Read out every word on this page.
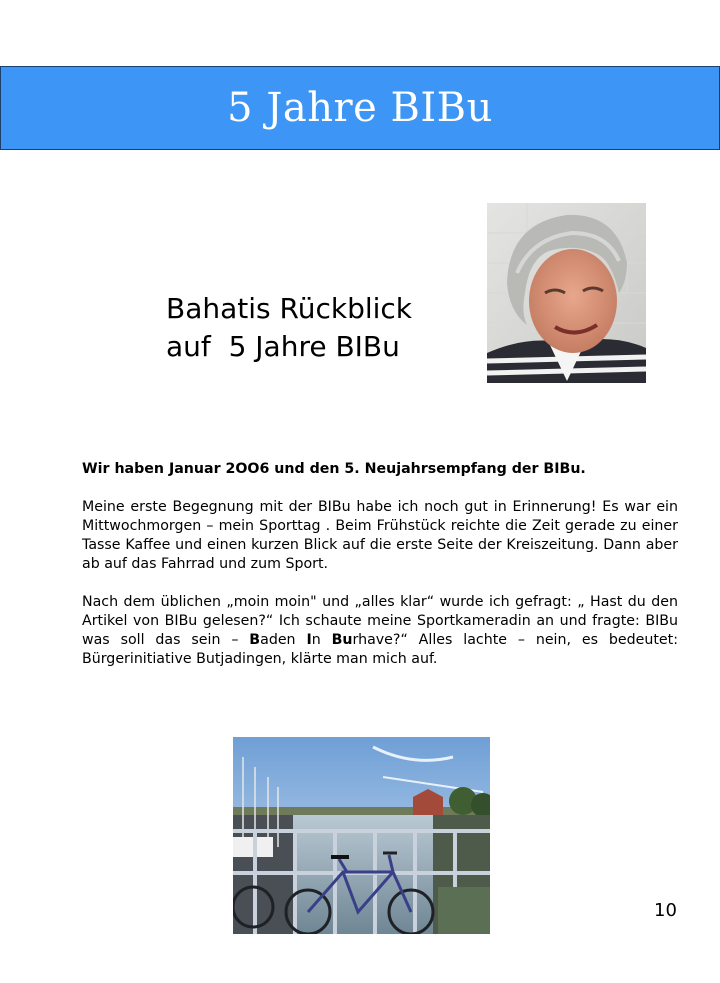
5 Jahre BIBu
Bahatis Rückblick
auf  5 Jahre BIBu

Wir haben Januar 2OO6 und den 5. Neujahrsempfang der BIBu.

Meine erste Begegnung mit der BIBu habe ich noch gut in Erinnerung! Es war ein Mittwochmorgen – mein Sporttag . Beim Frühstück reichte die Zeit gerade zu einer Tasse Kaffee und einen kurzen Blick auf die erste Seite der Kreiszeitung. Dann aber ab auf das Fahrrad und zum Sport.

Nach dem üblichen „moin moin" und „alles klar“ wurde ich gefragt: „ Hast du den Artikel von BIBu gelesen?“ Ich schaute meine Sportkameradin an und fragte: BIBu was soll das sein – Baden In Burhave?“ Alles lachte – nein, es bedeutet: Bürgerinitiative Butjadingen, klärte man mich auf.

10
